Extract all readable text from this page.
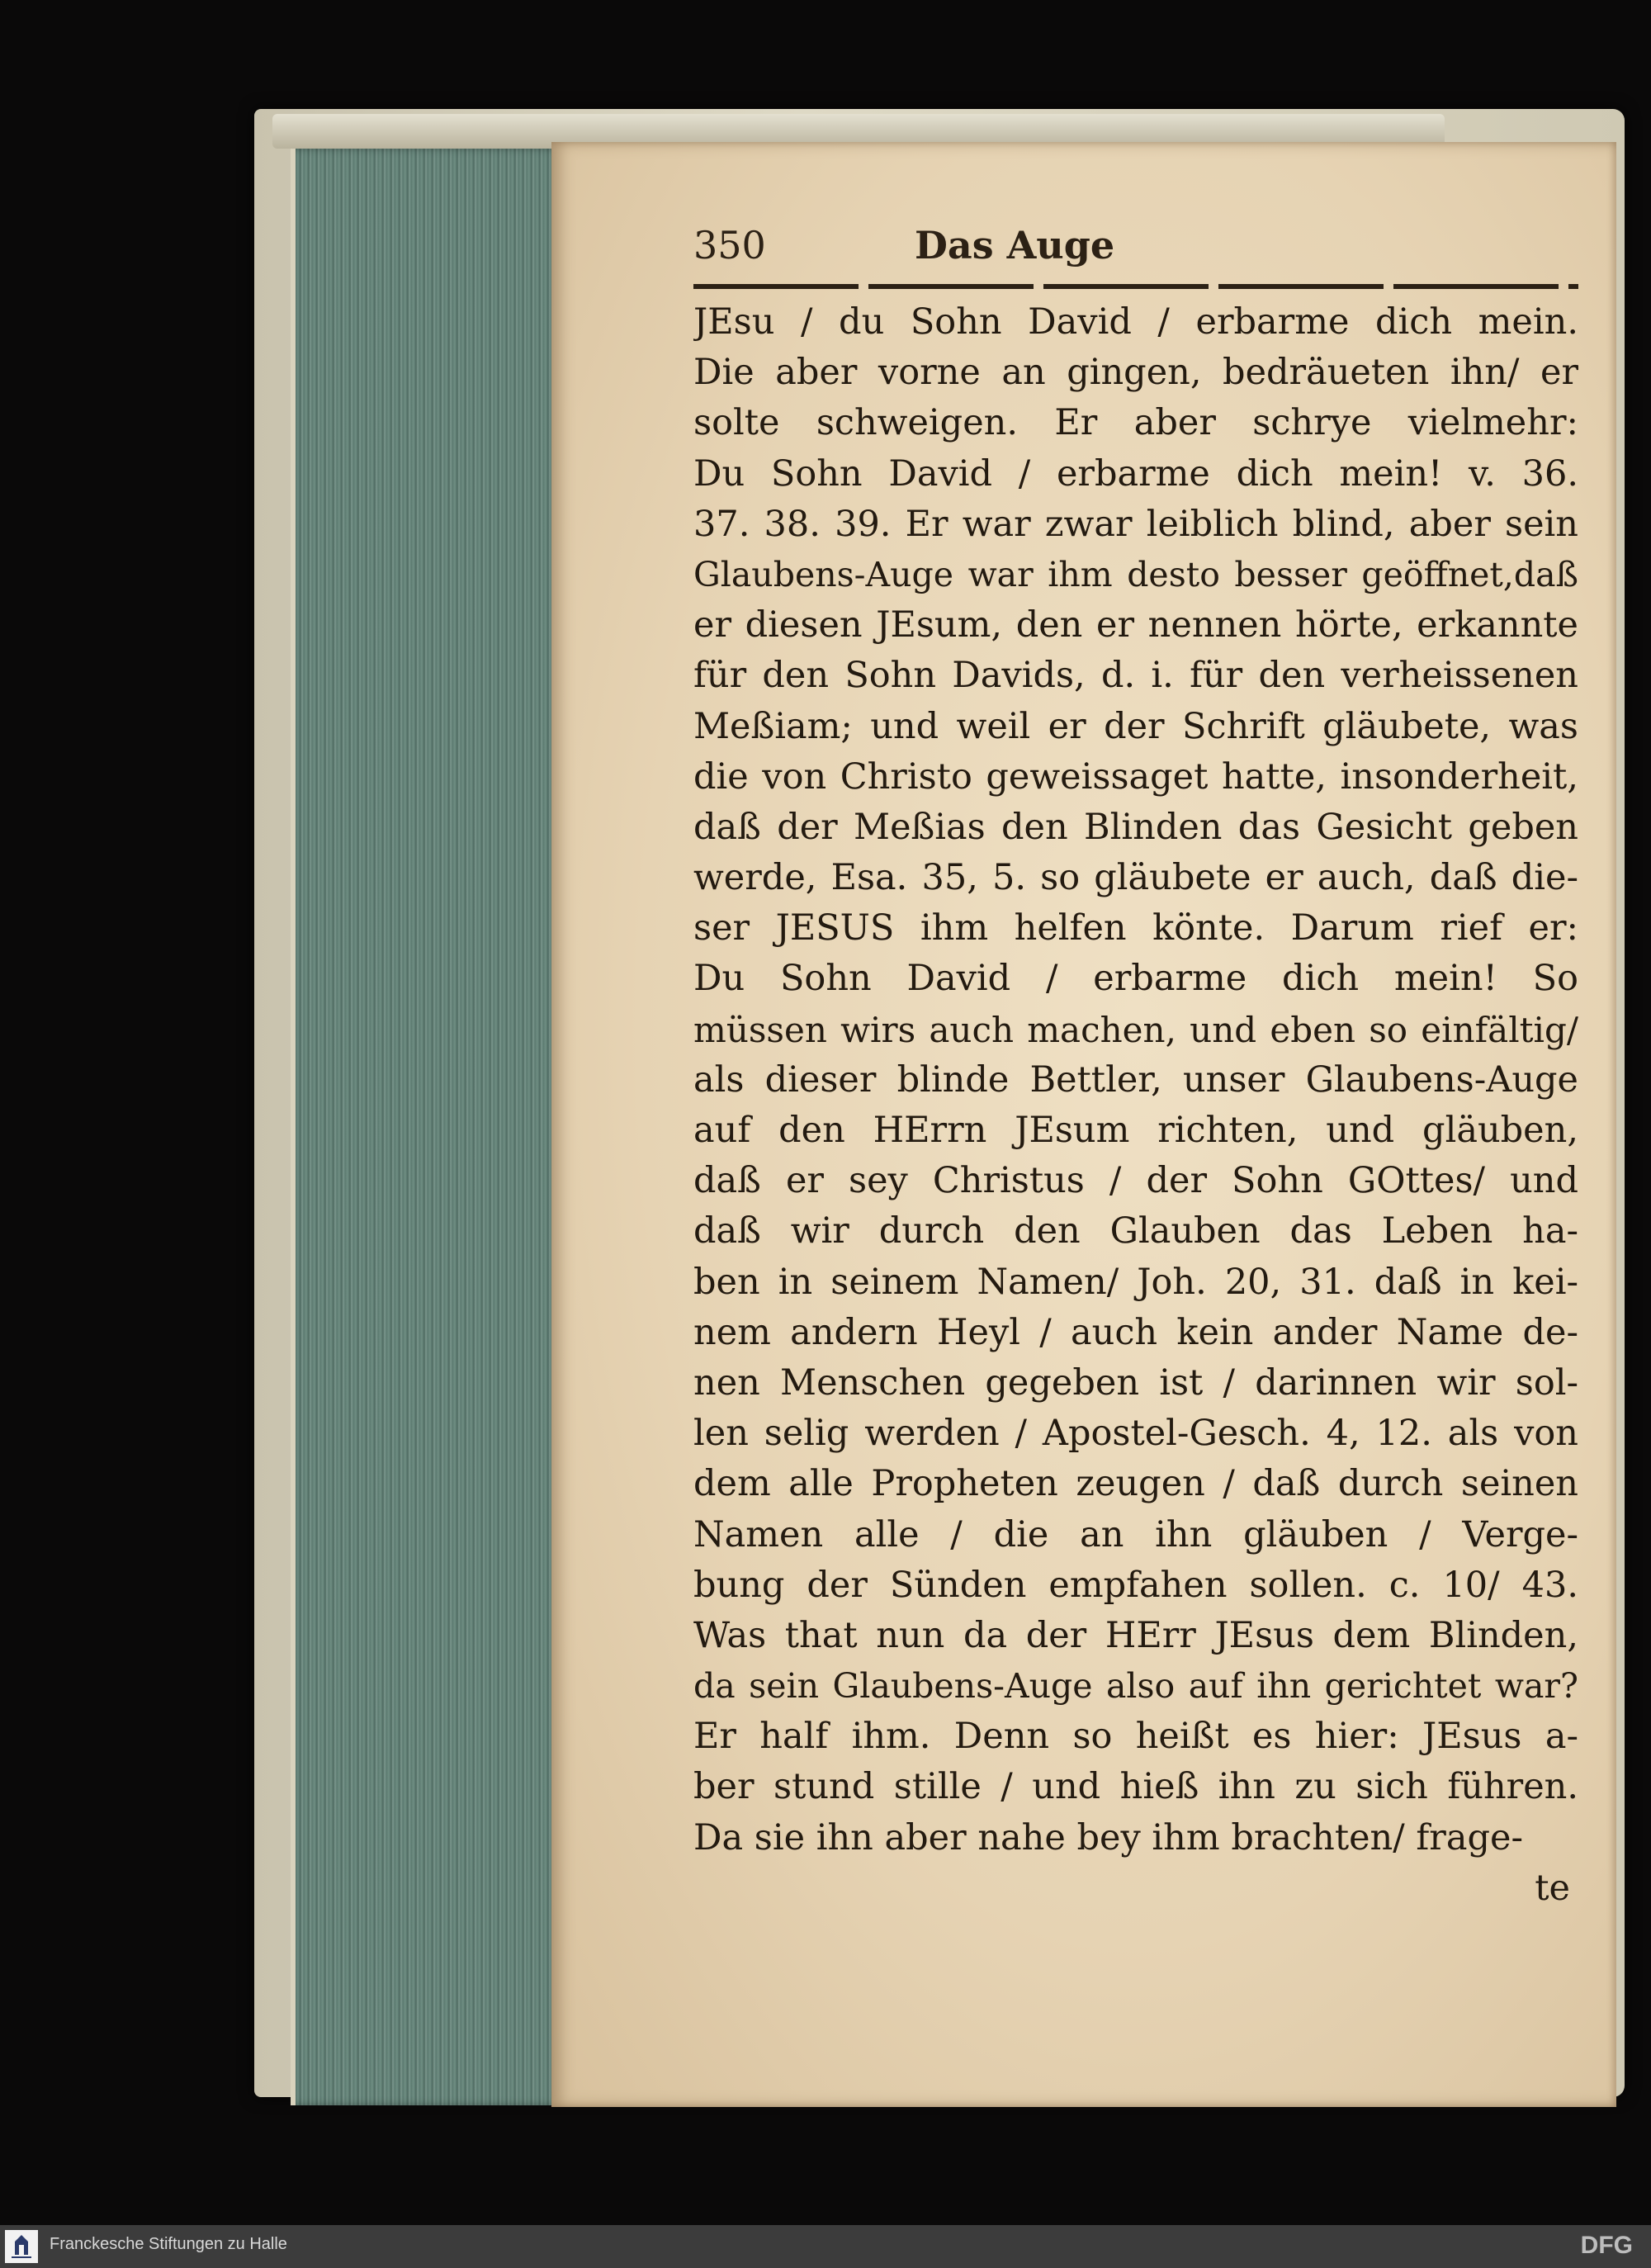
350	Das Auge
JEsu / du Sohn David / erbarme dich mein.
Die aber vorne an gingen, bedräueten ihn/ er
solte schweigen. Er aber schrye vielmehr:
Du Sohn David / erbarme dich mein! v. 36.
37. 38. 39. Er war zwar leiblich blind, aber sein
Glaubens-Auge war ihm desto besser geöffnet,daß
er diesen JEsum, den er nennen hörte, erkannte
für den Sohn Davids, d. i. für den verheissenen
Meßiam; und weil er der Schrift gläubete, was
die von Christo geweissaget hatte, insonderheit,
daß der Meßias den Blinden das Gesicht geben
werde, Esa. 35, 5. so gläubete er auch, daß die-
ser JESUS ihm helfen könte. Darum rief er:
Du Sohn David / erbarme dich mein! So
müssen wirs auch machen, und eben so einfältig/
als dieser blinde Bettler, unser Glaubens-Auge
auf den HErrn JEsum richten, und gläuben,
daß er sey Christus / der Sohn GOttes/ und
daß wir durch den Glauben das Leben ha-
ben in seinem Namen/ Joh. 20, 31. daß in kei-
nem andern Heyl / auch kein ander Name de-
nen Menschen gegeben ist / darinnen wir sol-
len selig werden / Apostel-Gesch. 4, 12. als von
dem alle Propheten zeugen / daß durch seinen
Namen alle / die an ihn gläuben / Verge-
bung der Sünden empfahen sollen. c. 10/ 43.
Was that nun da der HErr JEsus dem Blinden,
da sein Glaubens-Auge also auf ihn gerichtet war?
Er half ihm. Denn so heißt es hier: JEsus a-
ber stund stille / und hieß ihn zu sich führen.
Da sie ihn aber nahe bey ihm brachten/ frage-
te
Franckesche Stiftungen zu Halle	DFG
